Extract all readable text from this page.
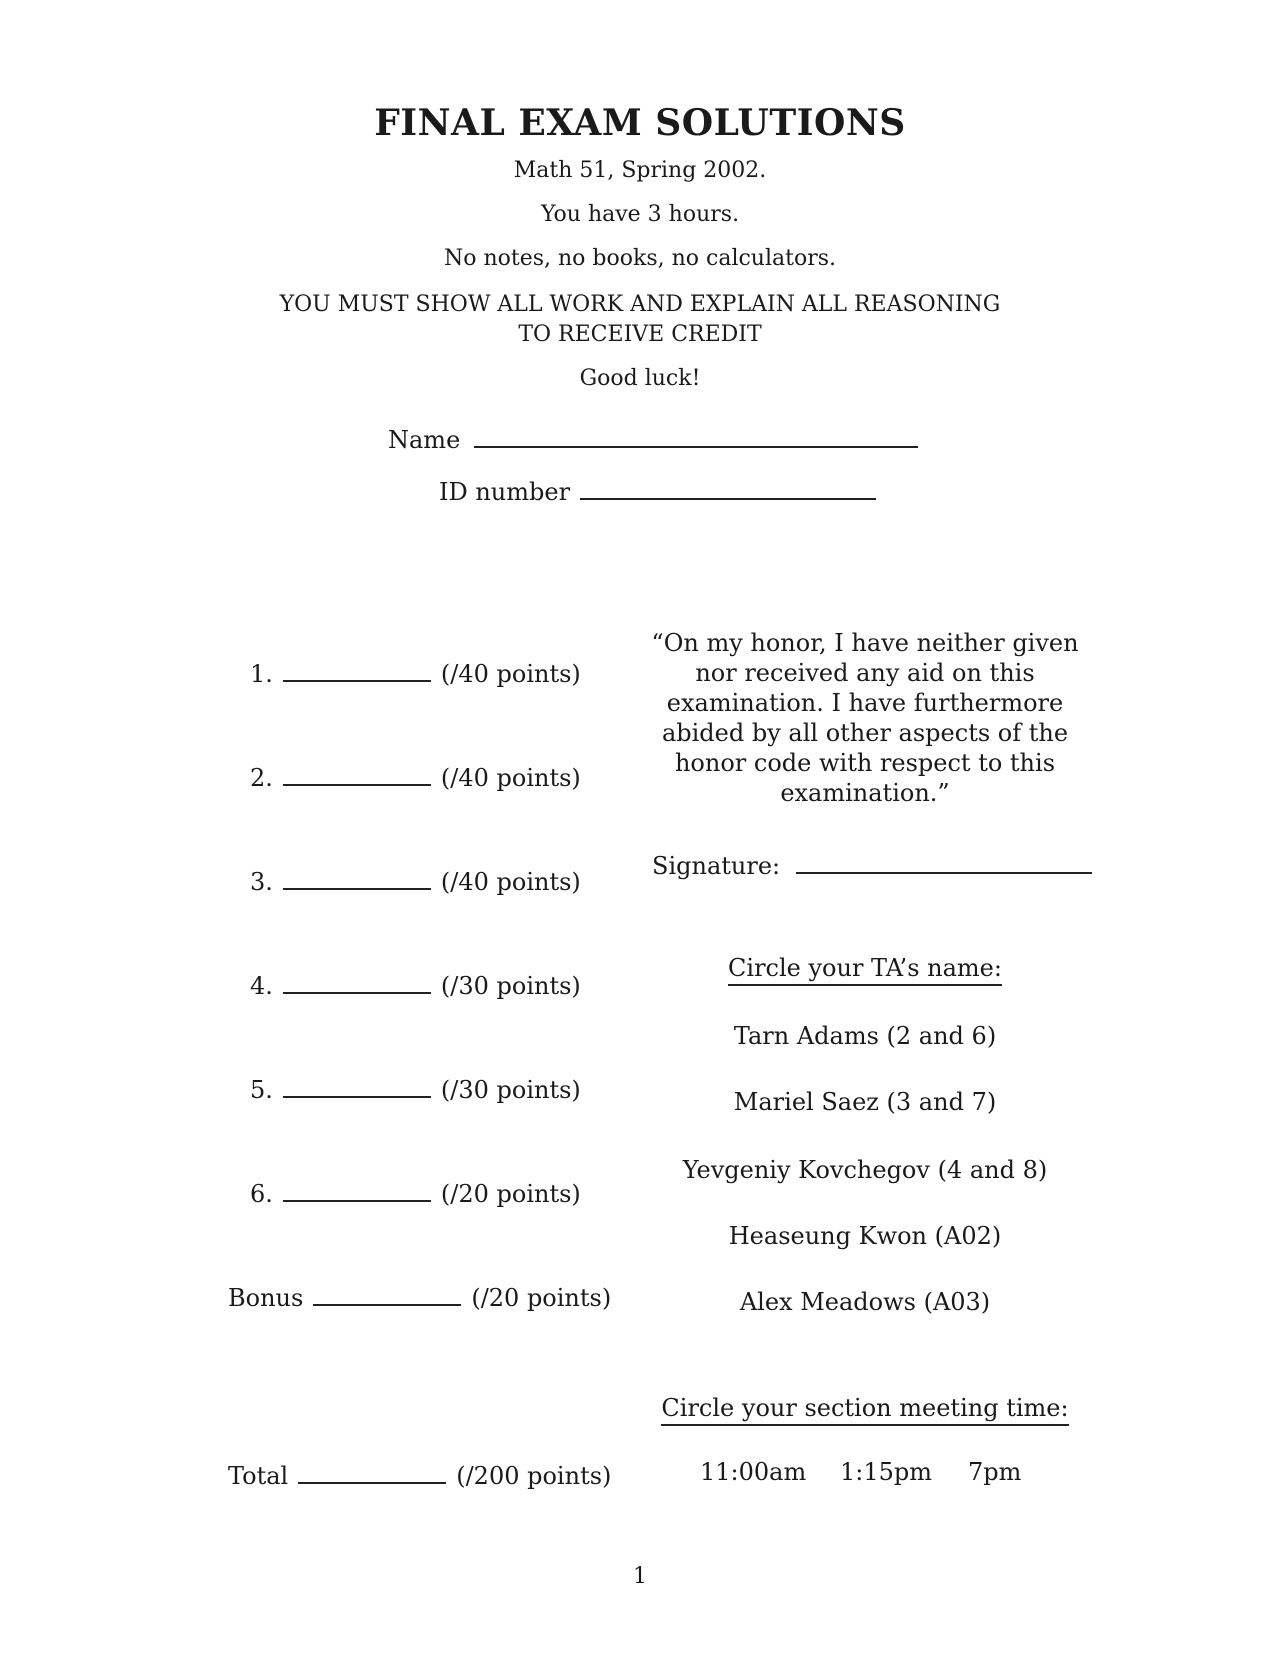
FINAL EXAM SOLUTIONS
Math 51, Spring 2002.
You have 3 hours.
No notes, no books, no calculators.
YOU MUST SHOW ALL WORK AND EXPLAIN ALL REASONING
TO RECEIVE CREDIT
Good luck!
Name
ID number
1.	(/40 points)
2.	(/40 points)
3.	(/40 points)
4.	(/30 points)
5.	(/30 points)
6.	(/20 points)
Bonus	(/20 points)
Total	(/200 points)
“On my honor, I have neither given nor received any aid on this examination. I have furthermore abided by all other aspects of the honor code with respect to this examination.”
Signature:
Circle your TA’s name:
Tarn Adams (2 and 6)
Mariel Saez (3 and 7)
Yevgeniy Kovchegov (4 and 8)
Heaseung Kwon (A02)
Alex Meadows (A03)
Circle your section meeting time:
11:00am 1:15pm 7pm
1
